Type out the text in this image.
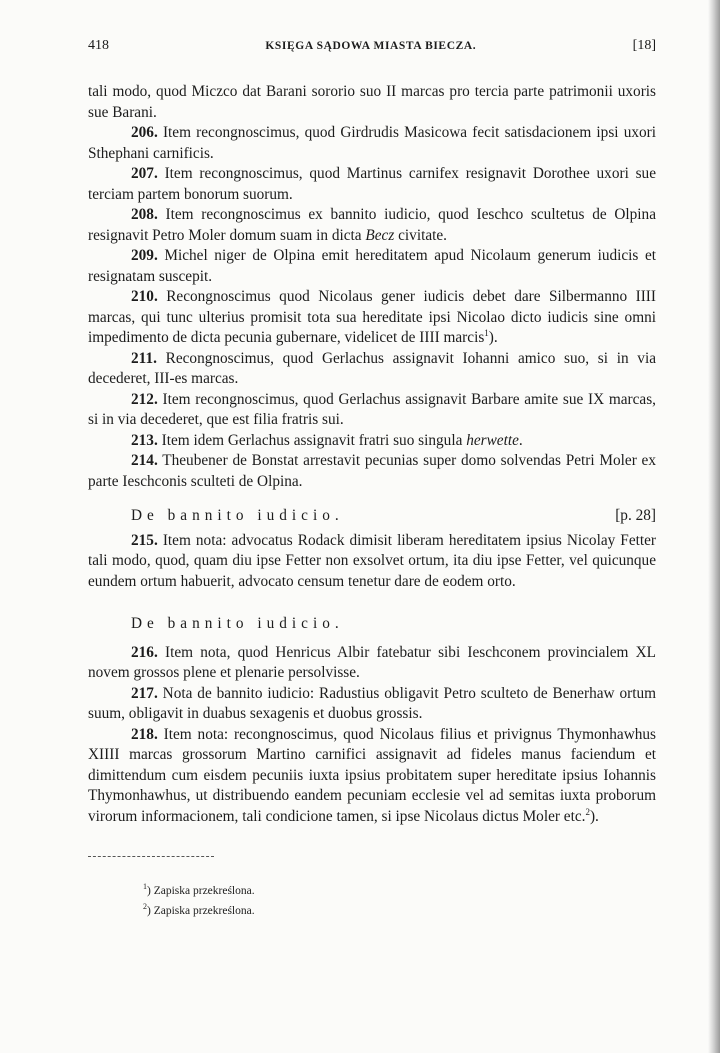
418	KSIĘGA SĄDOWA MIASTA BIECZA.	[18]

tali modo, quod Miczco dat Barani sororio suo II marcas pro tercia parte patrimonii uxoris sue Barani.

206. Item recongnoscimus, quod Girdrudis Masicowa fecit satisdacionem ipsi uxori Sthephani carnificis.

207. Item recongnoscimus, quod Martinus carnifex resignavit Dorothee uxori sue terciam partem bonorum suorum.

208. Item recongnoscimus ex bannito iudicio, quod Ieschco scultetus de Olpina resignavit Petro Moler domum suam in dicta Becz civitate.

209. Michel niger de Olpina emit hereditatem apud Nicolaum generum iudicis et resignatam suscepit.

210. Recongnoscimus quod Nicolaus gener iudicis debet dare Silbermanno IIII marcas, qui tunc ulterius promisit tota sua hereditate ipsi Nicolao dicto iudicis sine omni impedimento de dicta pecunia gubernare, videlicet de IIII marcis$^1$).

211. Recongnoscimus, quod Gerlachus assignavit Iohanni amico suo, si in via decederet, III-es marcas.

212. Item recongnoscimus, quod Gerlachus assignavit Barbare amite sue IX marcas, si in via decederet, que est filia fratris sui.

213. Item idem Gerlachus assignavit fratri suo singula herwette.

214. Theubener de Bonstat arrestavit pecunias super domo solvendas Petri Moler ex parte Ieschconis sculteti de Olpina.

De bannito iudicio.	[p. 28]

215. Item nota: advocatus Rodack dimisit liberam hereditatem ipsius Nicolay Fetter tali modo, quod, quam diu ipse Fetter non exsolvet ortum, ita diu ipse Fetter, vel quicunque eundem ortum habuerit, advocato censum tenetur dare de eodem orto.

De bannito iudicio.

216. Item nota, quod Henricus Albir fatebatur sibi Ieschconem provincialem XL novem grossos plene et plenarie persolvisse.

217. Nota de bannito iudicio: Radustius obligavit Petro sculteto de Benerhaw ortum suum, obligavit in duabus sexagenis et duobus grossis.

218. Item nota: recongnoscimus, quod Nicolaus filius et privignus Thymonhawhus XIIII marcas grossorum Martino carnifici assignavit ad fideles manus faciendum et dimittendum cum eisdem pecuniis iuxta ipsius probitatem super hereditate ipsius Iohannis Thymonhawhus, ut distribuendo eandem pecuniam ecclesie vel ad semitas iuxta proborum virorum informacionem, tali condicione tamen, si ipse Nicolaus dictus Moler etc.$^2$).

$^1$) Zapiska przekreślona.
$^2$) Zapiska przekreślona.
